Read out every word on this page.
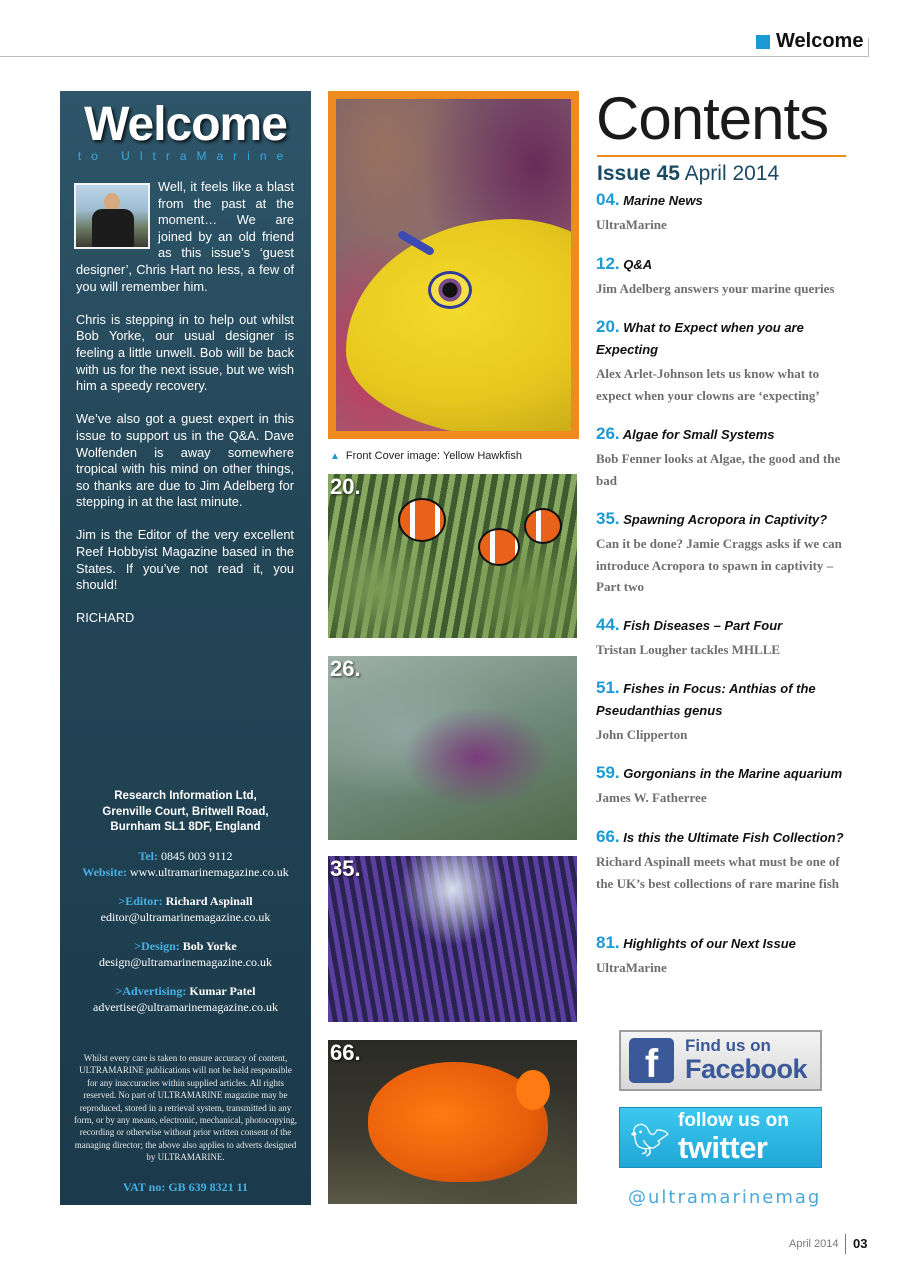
Welcome
Welcome
to UltraMarine

Well, it feels like a blast from the past at the moment… We are joined by an old friend as this issue’s ‘guest designer’, Chris Hart no less, a few of you will remember him.

Chris is stepping in to help out whilst Bob Yorke, our usual designer is feeling a little unwell. Bob will be back with us for the next issue, but we wish him a speedy recovery.

We’ve also got a guest expert in this issue to support us in the Q&A. Dave Wolfenden is away somewhere tropical with his mind on other things, so thanks are due to Jim Adelberg for stepping in at the last minute.

Jim is the Editor of the very excellent Reef Hobbyist Magazine based in the States. If you’ve not read it, you should!

RICHARD

Research Information Ltd,
Grenville Court, Britwell Road,
Burnham SL1 8DF, England
Tel: 0845 003 9112
Website: www.ultramarinemagazine.co.uk
>Editor: Richard Aspinall
editor@ultramarinemagazine.co.uk
>Design: Bob Yorke
design@ultramarinemagazine.co.uk
>Advertising: Kumar Patel
advertise@ultramarinemagazine.co.uk
Whilst every care is taken to ensure accuracy of content, ULTRAMARINE publications will not be held responsible for any inaccuracies within supplied articles. All rights reserved. No part of ULTRAMARINE magazine may be reproduced, stored in a retrieval system, transmitted in any form, or by any means, electronic, mechanical, photocopying, recording or otherwise without prior written consent of the managing director; the above also applies to adverts designed by ULTRAMARINE.
VAT no: GB 639 8321 11
▲ Front Cover image: Yellow Hawkfish
20.
26.
35.
66.
Contents
Issue 45 April 2014
04. Marine News
UltraMarine
12. Q&A
Jim Adelberg answers your marine queries
20. What to Expect when you are Expecting
Alex Arlet-Johnson lets us know what to expect when your clowns are ‘expecting’
26. Algae for Small Systems
Bob Fenner looks at Algae, the good and the bad
35. Spawning Acropora in Captivity?
Can it be done? Jamie Craggs asks if we can introduce Acropora to spawn in captivity – Part two
44. Fish Diseases – Part Four
Tristan Lougher tackles MHLLE
51. Fishes in Focus: Anthias of the Pseudanthias genus
John Clipperton
59. Gorgonians in the Marine aquarium
James W. Fatherree
66. Is this the Ultimate Fish Collection?
Richard Aspinall meets what must be one of the UK’s best collections of rare marine fish
81. Highlights of our Next Issue
UltraMarine
f	Find us on
Facebook
🐦︎
follow us on
twitter
@ultramarinemag
April 2014 03
